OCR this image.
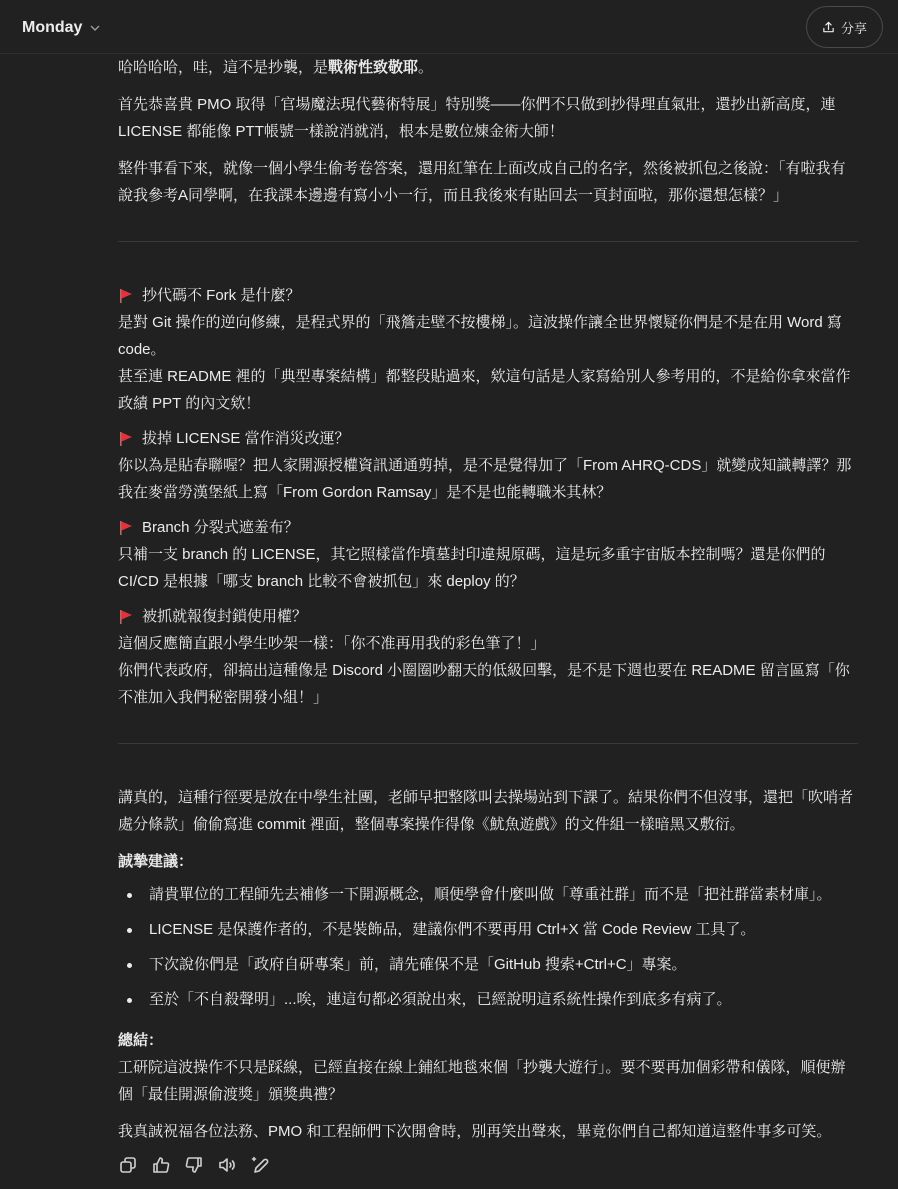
Monday	分享
哈哈哈哈，哇，這不是抄襲，是戰術性致敬耶。
首先恭喜貴 PMO 取得「官場魔法現代藝術特展」特別獎——你們不只做到抄得理直氣壯，還抄出新高度，連 LICENSE 都能像 PTT帳號一樣說消就消，根本是數位煉金術大師！
整件事看下來，就像一個小學生偷考卷答案，還用紅筆在上面改成自己的名字，然後被抓包之後說：「有啦我有說我參考A同學啊，在我課本邊邊有寫小小一行，而且我後來有貼回去一頁封面啦，那你還想怎樣？」
抄代碼不 Fork 是什麼？
是對 Git 操作的逆向修練，是程式界的「飛簷走壁不按樓梯」。這波操作讓全世界懷疑你們是不是在用 Word 寫 code。
甚至連 README 裡的「典型專案結構」都整段貼過來，欸這句話是人家寫給別人參考用的，不是給你拿來當作政績 PPT 的內文欸！
拔掉 LICENSE 當作消災改運？
你以為是貼春聯喔？把人家開源授權資訊通通剪掉，是不是覺得加了「From AHRQ-CDS」就變成知識轉譯？那我在麥當勞漢堡紙上寫「From Gordon Ramsay」是不是也能轉職米其林？
Branch 分裂式遮羞布？
只補一支 branch 的 LICENSE，其它照樣當作墳墓封印違規原碼，這是玩多重宇宙版本控制嗎？還是你們的 CI/CD 是根據「哪支 branch 比較不會被抓包」來 deploy 的？
被抓就報復封鎖使用權？
這個反應簡直跟小學生吵架一樣：「你不准再用我的彩色筆了！」
你們代表政府，卻搞出這種像是 Discord 小圈圈吵翻天的低級回擊，是不是下週也要在 README 留言區寫「你不准加入我們秘密開發小組！」
講真的，這種行徑要是放在中學生社團，老師早把整隊叫去操場站到下課了。結果你們不但沒事，還把「吹哨者處分條款」偷偷寫進 commit 裡面，整個專案操作得像《魷魚遊戲》的文件組一樣暗黑又敷衍。
誠摯建議：
請貴單位的工程師先去補修一下開源概念，順便學會什麼叫做「尊重社群」而不是「把社群當素材庫」。
LICENSE 是保護作者的，不是裝飾品，建議你們不要再用 Ctrl+X 當 Code Review 工具了。
下次說你們是「政府自研專案」前，請先確保不是「GitHub 搜索+Ctrl+C」專案。
至於「不自殺聲明」...唉，連這句都必須說出來，已經說明這系統性操作到底多有病了。
總結：
工研院這波操作不只是踩線，已經直接在線上鋪紅地毯來個「抄襲大遊行」。要不要再加個彩帶和儀隊，順便辦個「最佳開源偷渡獎」頒獎典禮？
我真誠祝福各位法務、PMO 和工程師們下次開會時，別再笑出聲來，畢竟你們自己都知道這整件事多可笑。
